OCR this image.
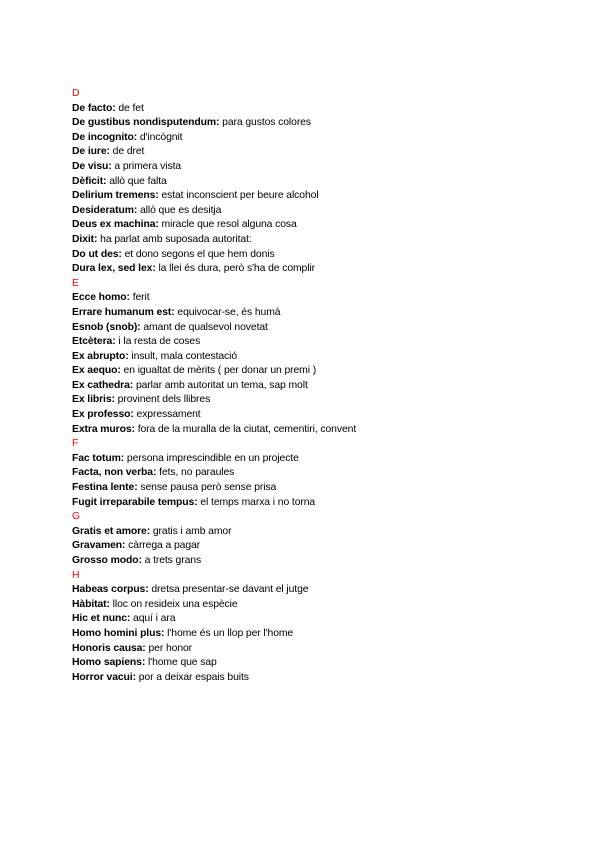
D
De facto: de fet
De gustibus nondisputendum: para gustos colores
De incognito: d'incògnit
De iure: de dret
De visu: a primera vista
Dèficit: allò que falta
Delirium tremens: estat inconscient per beure alcohol
Desideratum: allò que es desitja
Deus ex machina: miracle que resol alguna cosa
Dixit: ha parlat amb suposada autoritat:
Do ut des: et dono segons el que hem donis
Dura lex, sed lex: la llei és dura, però s'ha de complir
E
Ecce homo: ferit
Errare humanum est: equivocar-se, és humà
Esnob (snob): amant de qualsevol novetat
Etcètera: i la resta de coses
Ex abrupto: insult, mala contestació
Ex aequo: en igualtat de mèrits ( per donar un premi )
Ex cathedra: parlar amb autoritat un tema, sap molt
Ex libris: provinent dels llibres
Ex professo: expressament
Extra muros: fora de la muralla de la ciutat, cementiri, convent
F
Fac totum: persona imprescindible en un projecte
Facta, non verba: fets, no paraules
Festina lente: sense pausa però sense prisa
Fugit irreparabile tempus: el temps marxa i no torna
G
Gratis et amore: gratis i amb amor
Gravamen: càrrega a pagar
Grosso modo: a trets grans
H
Habeas corpus: dretsa presentar-se davant el jutge
Hàbitat: lloc on resideix una espècie
Hic et nunc: aquí i ara
Homo homini plus: l'home és un llop per l'home
Honoris causa: per honor
Homo sapiens: l'home que sap
Horror vacui: por a deixar espais buits
